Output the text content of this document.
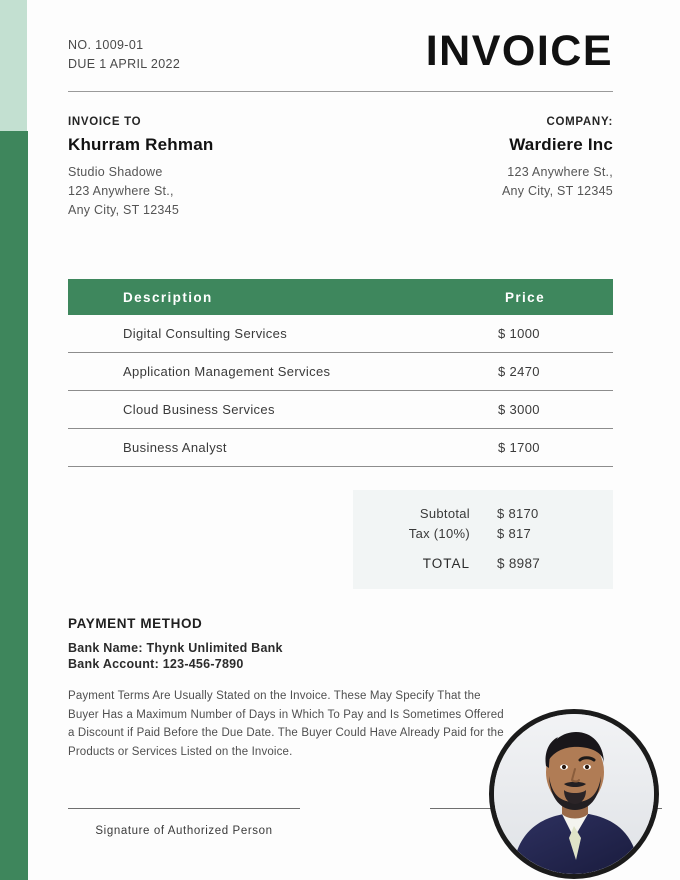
NO. 1009-01
DUE 1 APRIL 2022	INVOICE
INVOICE TO
Khurram Rehman
Studio Shadowe
123 Anywhere St.,
Any City, ST 12345
COMPANY:
Wardiere Inc
123 Anywhere St.,
Any City, ST 12345
Description	Price
Digital Consulting Services	$ 1000
Application Management Services	$ 2470
Cloud Business Services	$ 3000
Business Analyst	$ 1700
Subtotal $ 8170
Tax (10%) $ 817
TOTAL $ 8987
PAYMENT METHOD
Bank Name: Thynk Unlimited Bank
Bank Account: 123-456-7890
Payment Terms Are Usually Stated on the Invoice. These May Specify That the Buyer Has a Maximum Number of Days in Which To Pay and Is Sometimes Offered a Discount if Paid Before the Due Date. The Buyer Could Have Already Paid for the Products or Services Listed on the Invoice.
Signature of Authorized Person
